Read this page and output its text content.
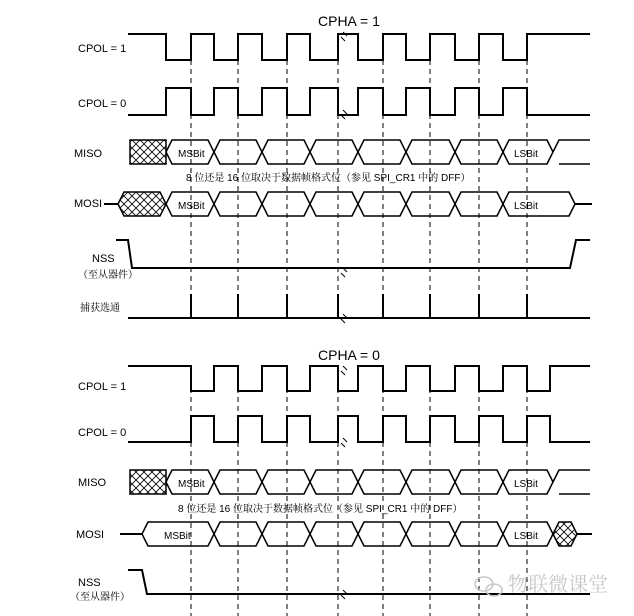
CPHA = 1
CPOL = 1
CPOL = 0
MISO	MSBit	LSBit
8 位还是 16 位取决于数据帧格式位（参见 SPI_CR1 中的 DFF）
MOSI	MSBit	LSBit
NSS
（至从器件）
捕获选通
CPHA = 0
CPOL = 1
CPOL = 0
MISO	MSBit	LSBit
8 位还是 16 位取决于数据帧格式位（参见 SPI_CR1 中的 DFF）
MOSI	MSBit	LSBit
NSS
（至从器件）
物联微课堂
